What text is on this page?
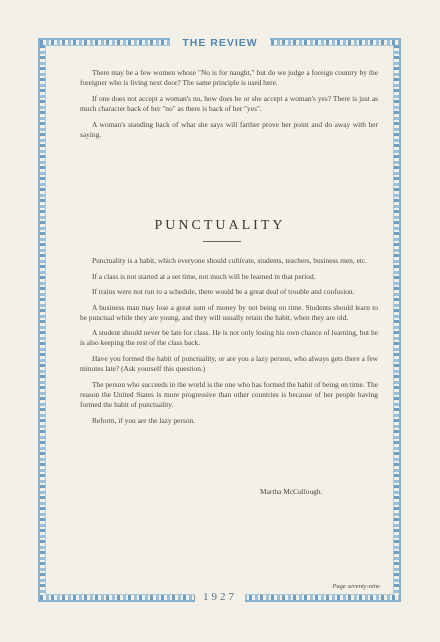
THE REVIEW

There may be a few women whose "No is for naught," but do we judge a foreign country by the foreigner who is living next door? The same principle is used here.

If one does not accept a woman's no, how does he or she accept a woman's yes? There is just as much character back of her "no" as there is back of her "yes".

A woman's standing back of what she says will farther prove her point and do away with her saying.

PUNCTUALITY

Punctuality is a habit, which everyone should cultivate, students, teachers, business men, etc.

If a class is not started at a set time, not much will be learned in that period.

If trains were not run to a schedule, there would be a great deal of trouble and confusion.

A business man may lose a great sum of money by not being on time. Students should learn to be punctual while they are young, and they will usually retain the habit, when they are old.

A student should never be late for class. He is not only losing his own chance of learning, but he is also keeping the rest of the class back.

Have you formed the habit of punctuality, or are you a lazy person, who always gets there a few minutes late? (Ask yourself this question.)

The person who succeeds in the world is the one who has formed the habit of being on time. The reason the United States is more progressive than other countries is because of her people having formed the habit of punctuality.

Reform, if you are the lazy person.

Martha McCullough.
Page seventy-nine
1927
